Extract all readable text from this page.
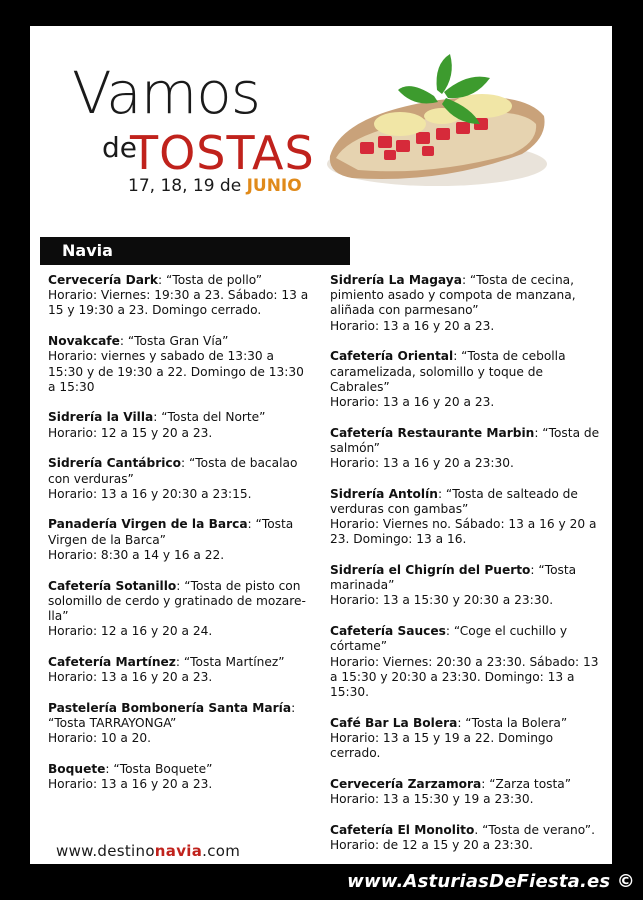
Vamos
de
TOSTAS
17, 18, 19 de JUNIO
Navia
Cervecería Dark: “Tosta de pollo”
Horario: Viernes: 19:30 a 23. Sábado: 13 a 15 y 19:30 a 23. Domingo cerrado.
Novakcafe: “Tosta Gran Vía”
Horario: viernes y sabado de 13:30 a 15:30 y de 19:30 a 22. Domingo de 13:30 a 15:30
Sidrería la Villa: “Tosta del Norte”
Horario: 12 a 15 y 20 a 23.
Sidrería Cantábrico: “Tosta de bacalao con verduras”
Horario: 13 a 16 y 20:30 a 23:15.
Panadería Virgen de la Barca: “Tosta Virgen de la Barca”
Horario: 8:30 a 14 y 16 a 22.
Cafetería Sotanillo: “Tosta de pisto con solomillo de cerdo y gratinado de mozare-lla”
Horario: 12 a 16 y 20 a 24.
Cafetería Martínez: “Tosta Martínez”
Horario: 13 a 16 y 20 a 23.
Pastelería Bombonería Santa María: “Tosta TARRAYONGA”
Horario: 10 a 20.
Boquete: “Tosta Boquete”
Horario: 13 a 16 y 20 a 23.
Sidrería La Magaya: “Tosta de cecina, pimiento asado y compota de manzana, aliñada con parmesano”
Horario: 13 a 16 y 20 a 23.
Cafetería Oriental: “Tosta de cebolla caramelizada, solomillo y toque de Cabrales”
Horario: 13 a 16 y 20 a 23.
Cafetería Restaurante Marbin: “Tosta de salmón”
Horario: 13 a 16 y 20 a 23:30.
Sidrería Antolín: “Tosta de salteado de verduras con gambas”
Horario: Viernes no. Sábado: 13 a 16 y 20 a 23. Domingo: 13 a 16.
Sidrería el Chigrín del Puerto: “Tosta marinada”
Horario: 13 a 15:30 y 20:30 a 23:30.
Cafetería Sauces: “Coge el cuchillo y córtame”
Horario: Viernes: 20:30 a 23:30. Sábado: 13 a 15:30 y 20:30 a 23:30. Domingo: 13 a 15:30.
Café Bar La Bolera: “Tosta la Bolera”
Horario: 13 a 15 y 19 a 22. Domingo cerrado.
Cervecería Zarzamora: “Zarza tosta”
Horario: 13 a 15:30 y 19 a 23:30.
Cafetería El Monolito. “Tosta de verano”.
Horario: de 12 a 15 y 20 a 23:30.
www.destinonavia.com
www.AsturiasDeFiesta.es ©
